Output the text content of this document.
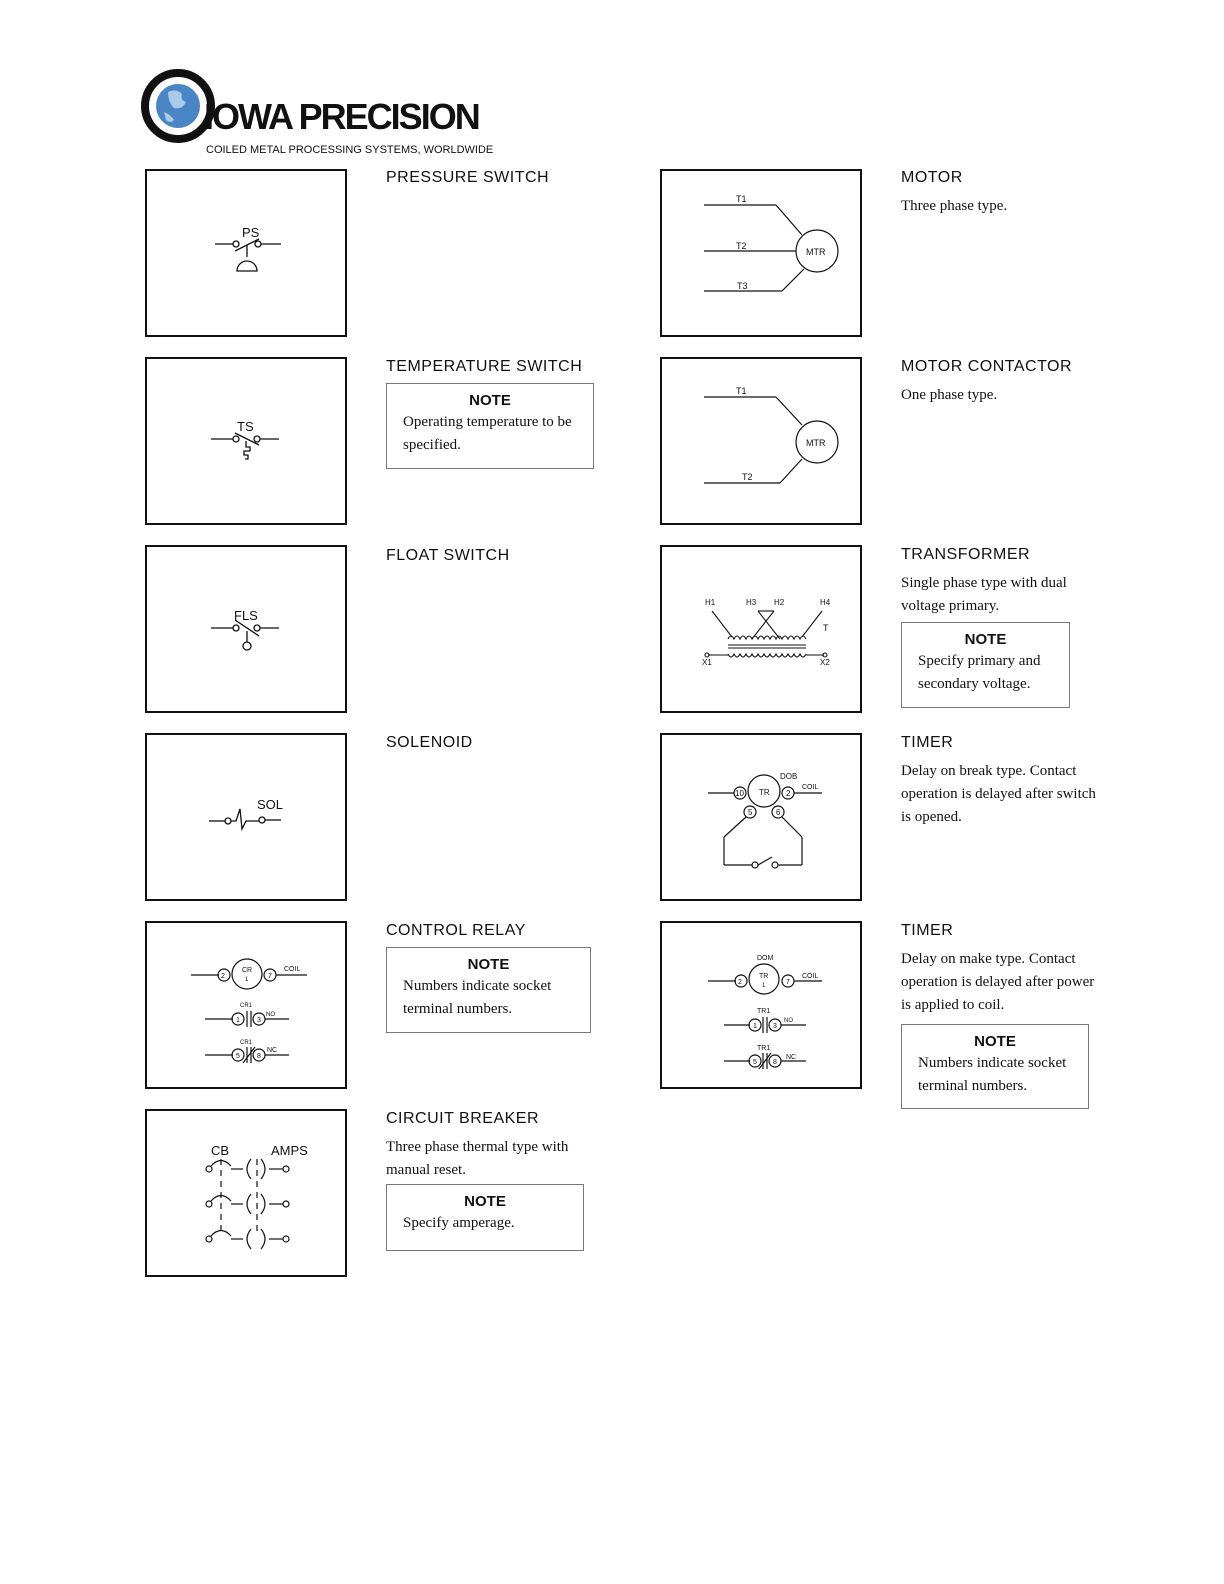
IOWA PRECISION
COILED METAL PROCESSING SYSTEMS, WORLDWIDE
PS
PRESSURE SWITCH
TS
TEMPERATURE SWITCH
NOTE
Operating temperature to be specified.
FLS
FLOAT SWITCH
SOL
SOLENOID
2
CR
1	7
COIL
CR1
1 3
NO
CR1
5 8
NC
CONTROL RELAY
NOTE
Numbers indicate socket terminal numbers.
CB	AMPS
CIRCUIT BREAKER
Three phase thermal type with manual reset.
NOTE
Specify amperage.
T1
T2
T3
MTR
MOTOR
Three phase type.
T1
T2
MTR
MOTOR CONTACTOR
One phase type.
H1	H3 H2	H4
T
X1	X2
TRANSFORMER
Single phase type with dual voltage primary.
NOTE
Specify primary and secondary voltage.
DOB
TR
10	2
COIL
5	6
TIMER
Delay on break type. Contact operation is delayed after switch is opened.
DOM
2
TR
1	7
COIL
TR1
1 3
NO
TR1
5 8
NC
TIMER
Delay on make type. Contact operation is delayed after power is applied to coil.
NOTE
Numbers indicate socket terminal numbers.
